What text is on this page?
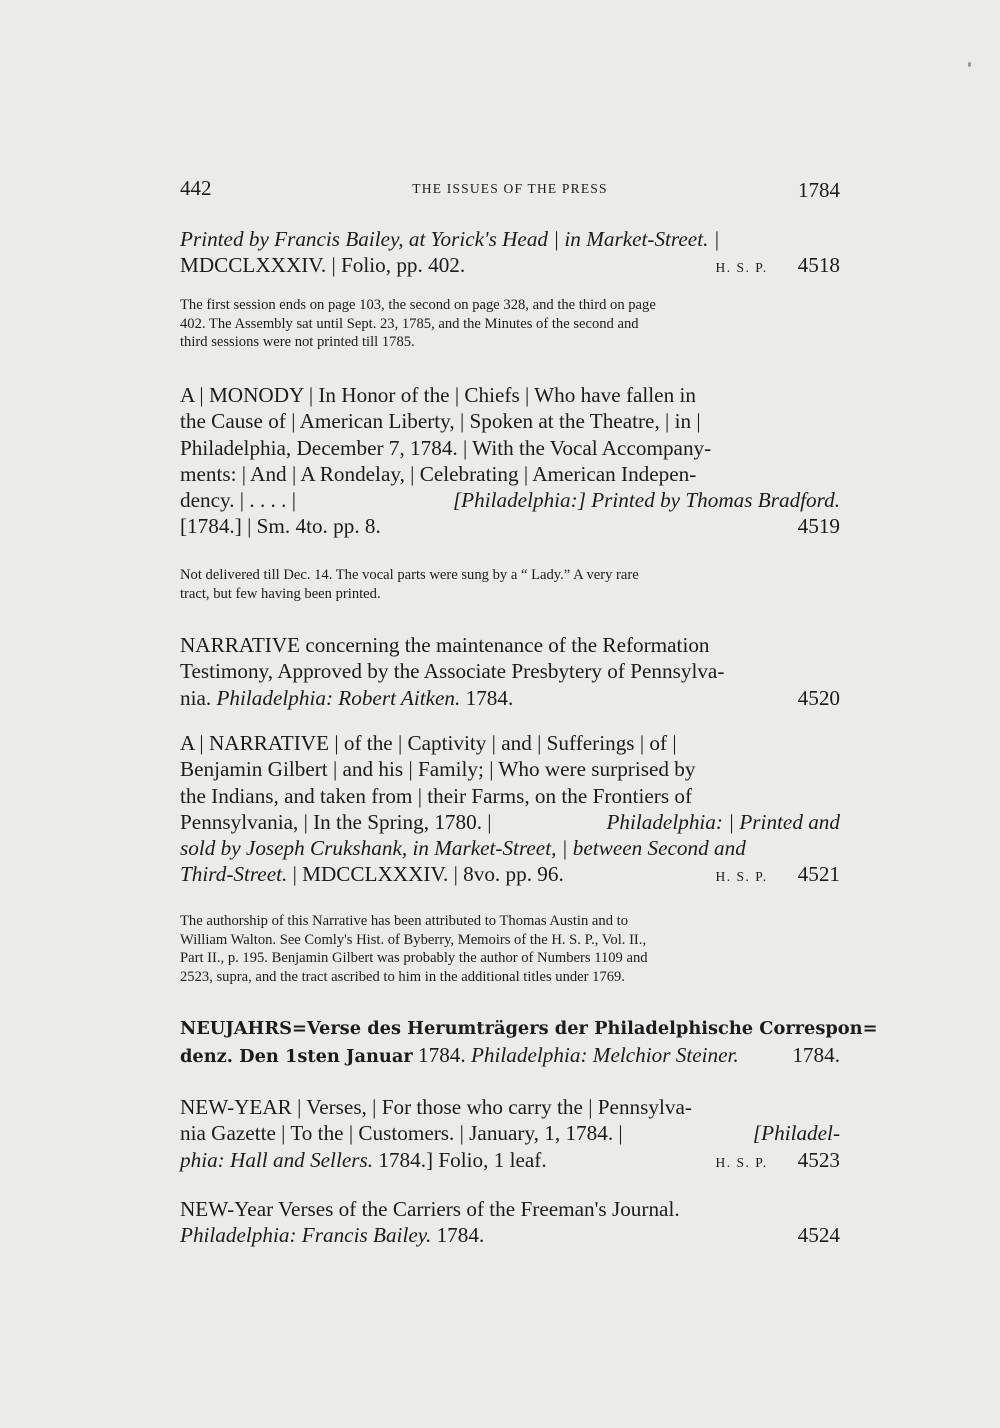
442	THE ISSUES OF THE PRESS	1784
Printed by Francis Bailey, at Yorick's Head | in Market-Street. |
MDCCLXXXIV. | Folio, pp. 402.	H. S. P. 4518
The first session ends on page 103, the second on page 328, and the third on page
402. The Assembly sat until Sept. 23, 1785, and the Minutes of the second and
third sessions were not printed till 1785.
A | MONODY | In Honor of the | Chiefs | Who have fallen in
the Cause of | American Liberty, | Spoken at the Theatre, | in |
Philadelphia, December 7, 1784. | With the Vocal Accompany-
ments: | And | A Rondelay, | Celebrating | American Indepen-
dency. | . . . . |	[Philadelphia:] Printed by Thomas Bradford.
[1784.] | Sm. 4to. pp. 8.	4519
Not delivered till Dec. 14. The vocal parts were sung by a “ Lady.” A very rare
tract, but few having been printed.
NARRATIVE concerning the maintenance of the Reformation
Testimony, Approved by the Associate Presbytery of Pennsylva-
nia. Philadelphia: Robert Aitken. 1784.	4520
A | NARRATIVE | of the | Captivity | and | Sufferings | of |
Benjamin Gilbert | and his | Family; | Who were surprised by
the Indians, and taken from | their Farms, on the Frontiers of
Pennsylvania, | In the Spring, 1780. |	Philadelphia: | Printed and
sold by Joseph Crukshank, in Market-Street, | between Second and
Third-Street. | MDCCLXXXIV. | 8vo. pp. 96.	H. S. P. 4521
The authorship of this Narrative has been attributed to Thomas Austin and to
William Walton. See Comly's Hist. of Byberry, Memoirs of the H. S. P., Vol. II.,
Part II., p. 195. Benjamin Gilbert was probably the author of Numbers 1109 and
2523, supra, and the tract ascribed to him in the additional titles under 1769.
NEUJAHRS=Verse des Herumträgers der Philadelphische Correspon=
denz. Den 1sten Januar 1784. Philadelphia: Melchior Steiner.	1784.
NEW-YEAR | Verses, | For those who carry the | Pennsylva-
nia Gazette | To the | Customers. | January, 1, 1784. |	[Philadel-
phia: Hall and Sellers. 1784.] Folio, 1 leaf.	H. S. P. 4523
NEW-Year Verses of the Carriers of the Freeman's Journal.
Philadelphia: Francis Bailey. 1784.	4524
